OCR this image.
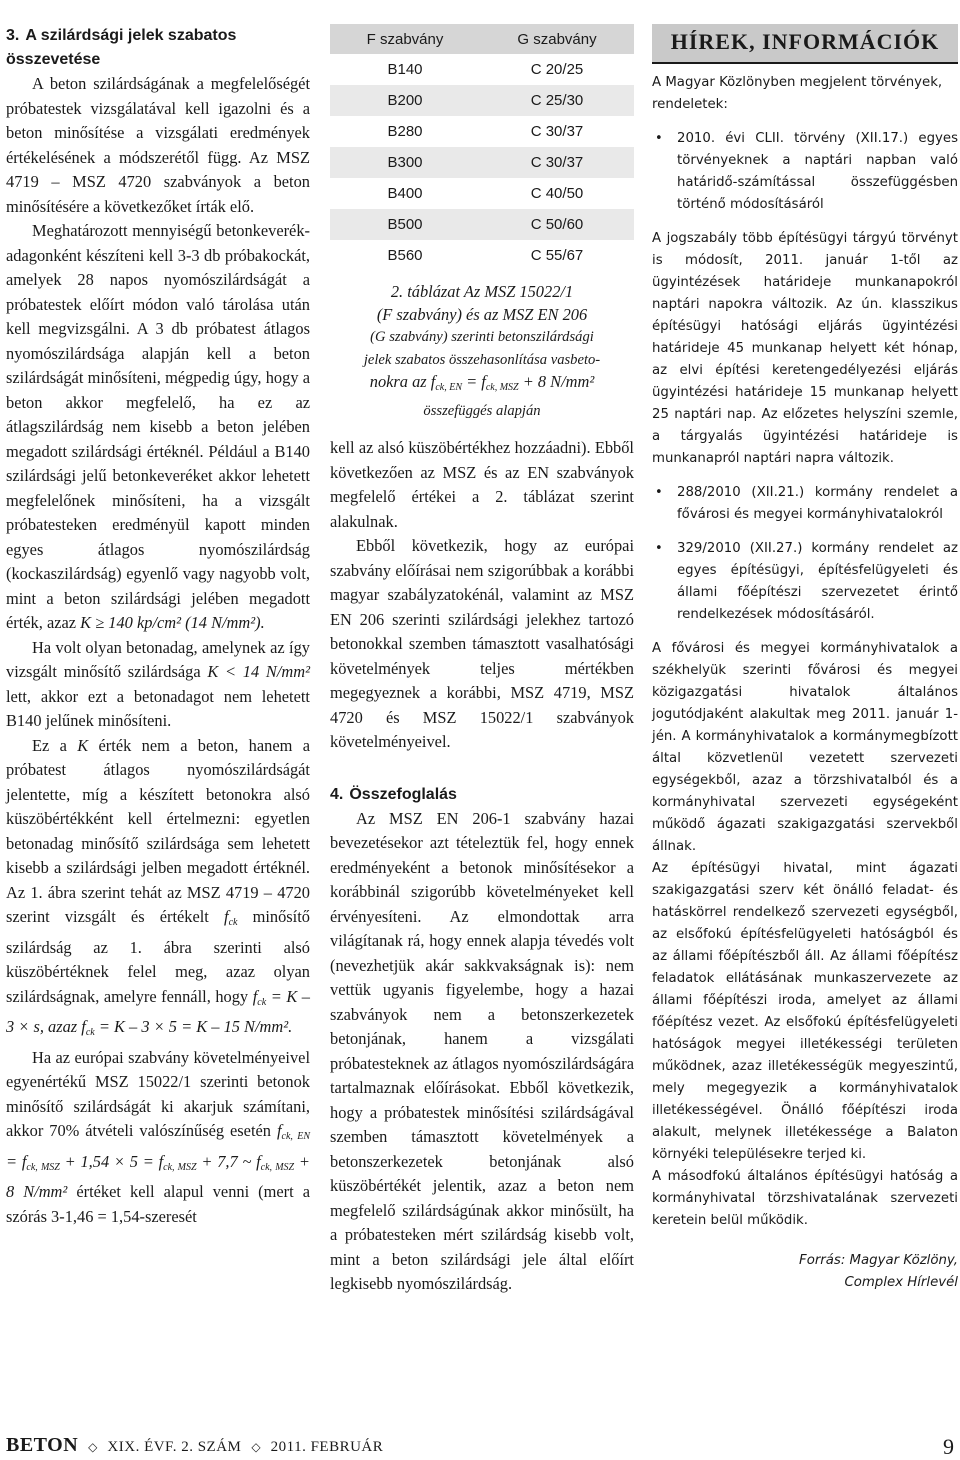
3. A szilárdsági jelek szabatos összevetése

A beton szilárdságának a megfelelőségét próbatestek vizsgálatával kell igazolni és a beton minősítése a vizsgálati eredmények értékelésének a módszerétől függ. Az MSZ 4719 – MSZ 4720 szabványok a beton minősítésére a következőket írták elő.

Meghatározott mennyiségű betonkeverék-adagonként készíteni kell 3-3 db próbakockát, amelyek 28 napos nyomószilárdságát a próbatestek előírt módon való tárolása után kell megvizsgálni. A 3 db próbatest átlagos nyomószilárdsága alapján kell a beton szilárdságát minősíteni, mégpedig úgy, hogy a beton akkor megfelelő, ha ez az átlagszilárdság nem kisebb a beton jelében megadott szilárdsági értéknél. Például a B140 szilárdsági jelű betonkeveréket akkor lehetett megfelelőnek minősíteni, ha a vizsgált próbatesteken eredményül kapott minden egyes átlagos nyomószilárdság (kockaszilárdság) egyenlő vagy nagyobb volt, mint a beton szilárdsági jelében megadott érték, azaz K ≥ 140 kp/cm² (14 N/mm²).

Ha volt olyan betonadag, amelynek az így vizsgált minősítő szilárdsága K < 14 N/mm² lett, akkor ezt a betonadagot nem lehetett B140 jelűnek minősíteni.

Ez a K érték nem a beton, hanem a próbatest átlagos nyomószilárdságát jelentette, míg a készített betonokra alsó küszöbértékként kell értelmezni: egyetlen betonadag minősítő szilárdsága sem lehetett kisebb a szilárdsági jelben megadott értéknél. Az 1. ábra szerint tehát az MSZ 4719 – 4720 szerint vizsgált és értékelt $f_{ck}$ minősítő szilárdság az 1. ábra szerinti alsó küszöbértéknek felel meg, azaz olyan szilárdságnak, amelyre fennáll, hogy $f_{ck} = K - 3 \times s$, azaz $f_{ck} = K - 3 \times 5 = K - 15$ N/mm².

Ha az európai szabvány követelményeivel egyenértékű MSZ 15022/1 szerinti betonok minősítő szilárdságát ki akarjuk számítani, akkor 70% átvételi valószínűség esetén $f_{ck, EN} = f_{ck, MSZ} + 1,54 \times 5 = f_{ck, MSZ} + 7,7$ ~ $f_{ck, MSZ} + 8$ N/mm² értéket kell alapul venni (mert a szórás 3-1,46 = 1,54-szeresét

F szabvány	G szabvány
B140	C 20/25
B200	C 25/30
B280	C 30/37
B300	C 30/37
B400	C 40/50
B500	C 50/60
B560	C 55/67
2. táblázat Az MSZ 15022/1
(F szabvány) és az MSZ EN 206
(G szabvány) szerinti betonszilárdsági
jelek szabatos összehasonlítása vasbeto-
nokra az $f_{ck, EN} = f_{ck, MSZ} + 8$ N/mm²
összefüggés alapján

kell az alsó küszöbértékhez hozzáadni). Ebből következően az MSZ és az EN szabványok megfelelő értékei a 2. táblázat szerint alakulnak.

Ebből következik, hogy az európai szabvány előírásai nem szigorúbbak a korábbi magyar szabályzatokénál, valamint az MSZ EN 206 szerinti szilárdsági jelekhez tartozó betonokkal szemben támasztott vasalhatósági követelmények teljes mértékben megegyeznek a korábbi, MSZ 4719, MSZ 4720 és MSZ 15022/1 szabványok követelményeivel.

4. Összefoglalás

Az MSZ EN 206-1 szabvány hazai bevezetésekor azt tételeztük fel, hogy ennek eredményeként a betonok minősítésekor a korábbinál szigorúbb követelményeket kell érvényesíteni. Az elmondottak arra világítanak rá, hogy ennek alapja tévedés volt (nevezhetjük akár sakkvakságnak is): nem vettük ugyanis figyelembe, hogy a hazai szabványok nem a betonszerkezetek betonjának, hanem a vizsgálati próbatesteknek az átlagos nyomószilárdságára tartalmaznak előírásokat. Ebből következik, hogy a próbatestek minősítési szilárdságával szemben támasztott követelmények a betonszerkezetek betonjának alsó küszöbértékét jelentik, azaz a beton nem megfelelő szilárdságúnak akkor minősült, ha a próbatesteken mért szilárdság kisebb volt, mint a beton szilárdsági jele által előírt legkisebb nyomószilárdság.

HÍREK, INFORMÁCIÓK

A Magyar Közlönyben megjelent törvények, rendeletek:

• 2010. évi CLII. törvény (XII.17.) egyes törvényeknek a naptári napban való határidő-számítással összefüggésben történő módosításáról

A jogszabály több építésügyi tárgyú törvényt is módosít, 2011. január 1-től az ügyintézések határideje munkanapokról naptári napokra változik. Az ún. klasszikus építésügyi hatósági eljárás ügyintézési határideje 45 munkanap helyett két hónap, az elvi építési keretengedélyezési eljárás ügyintézési határideje 15 munkanap helyett 25 naptári nap. Az előzetes helyszíni szemle, a tárgyalás ügyintézési határideje is munkanapról naptári napra változik.

• 288/2010 (XII.21.) kormány rendelet a fővárosi és megyei kormányhivatalokról
• 329/2010 (XII.27.) kormány rendelet az egyes építésügyi, építésfelügyeleti és állami főépítészi szervezetet érintő rendelkezések módosításáról.

A fővárosi és megyei kormányhivatalok a székhelyük szerinti fővárosi és megyei közigazgatási hivatalok általános jogutódjaként alakultak meg 2011. január 1-jén. A kormányhivatalok a kormánymegbízott által közvetlenül vezetett szervezeti egységekből, azaz a törzshivatalból és a kormányhivatal szervezeti egységeként működő ágazati szakigazgatási szervekből állnak.

Az építésügyi hivatal, mint ágazati szakigazgatási szerv két önálló feladat- és hatáskörrel rendelkező szervezeti egységből, az elsőfokú építésfelügyeleti hatóságból és az állami főépítészből áll. Az állami főépítész feladatok ellátásának munkaszervezete az állami főépítészi iroda, amelyet az állami főépítész vezet. Az elsőfokú építésfelügyeleti hatóságok megyei illetékességi területen működnek, azaz illetékességük megyeszintű, mely megegyezik a kormányhivatalok illetékességével. Önálló főépítészi iroda alakult, melynek illetékessége a Balaton környéki településekre terjed ki.

A másodfokú általános építésügyi hatóság a kormányhivatal törzshivatalának szervezeti keretein belül működik.

Forrás: Magyar Közlöny,
Complex Hírlevél
BETON ◇ XIX. ÉVF. 2. SZÁM ◇ 2011. FEBRUÁR	9
